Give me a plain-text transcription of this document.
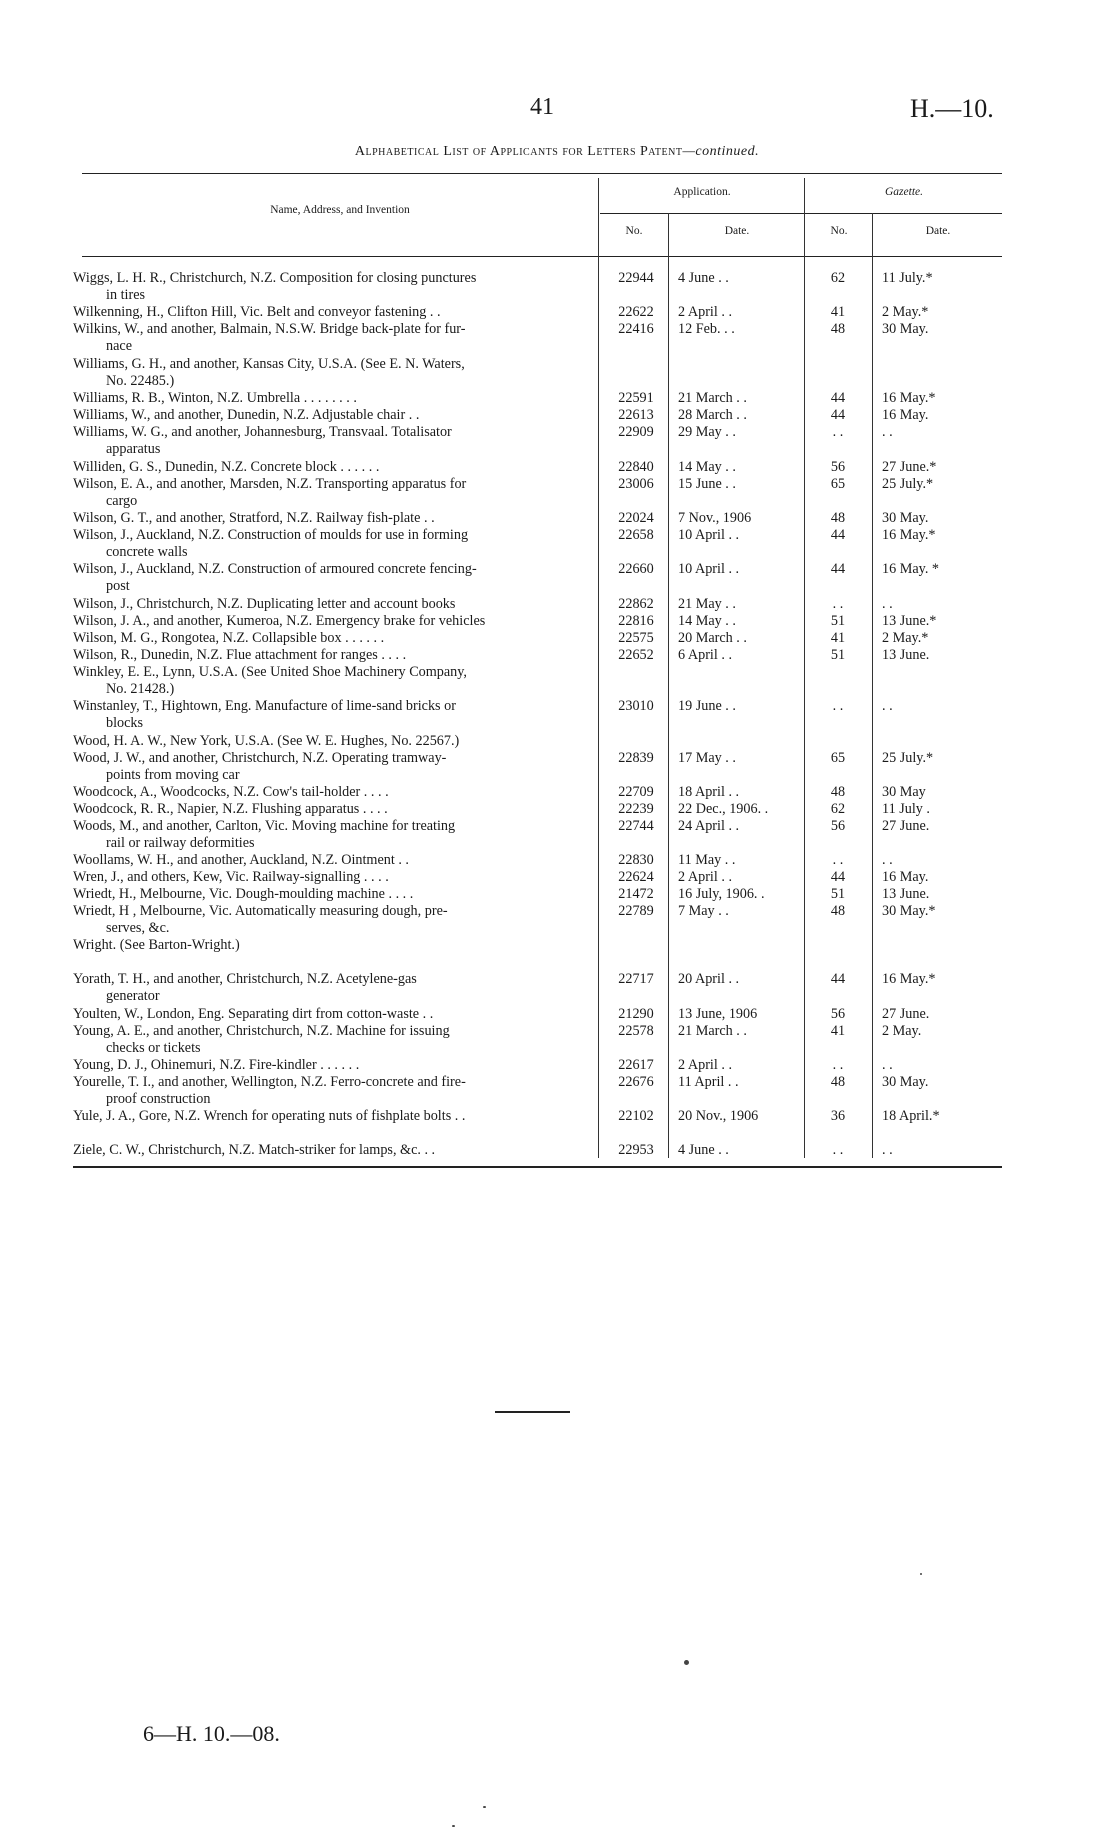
41	H.—10.
Alphabetical List of Applicants for Letters Patent—continued.
Name, Address, and Invention
Application.
No.	Date.
Gazette.
No.	Date.
Wiggs, L. H. R., Christchurch, N.Z. Composition for closing punctures
in tires
22944	4 June . .	62	11 July.*
Wilkenning, H., Clifton Hill, Vic. Belt and conveyor fastening . .	22622	2 April . .	41	2 May.*
Wilkins, W., and another, Balmain, N.S.W. Bridge back-plate for fur-
nace
22416	12 Feb. . .	48	30 May.
Williams, G. H., and another, Kansas City, U.S.A. (See E. N. Waters,
No. 22485.)
Williams, R. B., Winton, N.Z. Umbrella . . . . . . . .	22591	21 March . .	44	16 May.*
Williams, W., and another, Dunedin, N.Z. Adjustable chair . .	22613	28 March . .	44	16 May.
Williams, W. G., and another, Johannesburg, Transvaal. Totalisator
apparatus
22909	29 May . .	. .	. .
Williden, G. S., Dunedin, N.Z. Concrete block . . . . . .	22840	14 May . .	56	27 June.*
Wilson, E. A., and another, Marsden, N.Z. Transporting apparatus for
cargo
23006	15 June . .	65	25 July.*
Wilson, G. T., and another, Stratford, N.Z. Railway fish-plate . .	22024	7 Nov., 1906	48	30 May.
Wilson, J., Auckland, N.Z. Construction of moulds for use in forming
concrete walls
22658	10 April . .	44	16 May.*
Wilson, J., Auckland, N.Z. Construction of armoured concrete fencing-
post
22660	10 April . .	44	16 May. *
Wilson, J., Christchurch, N.Z. Duplicating letter and account books	22862	21 May . .	. .	. .
Wilson, J. A., and another, Kumeroa, N.Z. Emergency brake for vehicles	22816	14 May . .	51	13 June.*
Wilson, M. G., Rongotea, N.Z. Collapsible box . . . . . .	22575	20 March . .	41	2 May.*
Wilson, R., Dunedin, N.Z. Flue attachment for ranges . . . .	22652	6 April . .	51	13 June.
Winkley, E. E., Lynn, U.S.A. (See United Shoe Machinery Company,
No. 21428.)
Winstanley, T., Hightown, Eng. Manufacture of lime-sand bricks or
blocks
23010	19 June . .	. .	. .
Wood, H. A. W., New York, U.S.A. (See W. E. Hughes, No. 22567.)
Wood, J. W., and another, Christchurch, N.Z. Operating tramway-
points from moving car
22839	17 May . .	65	25 July.*
Woodcock, A., Woodcocks, N.Z. Cow's tail-holder . . . .	22709	18 April . .	48	30 May
Woodcock, R. R., Napier, N.Z. Flushing apparatus . . . .	22239	22 Dec., 1906. .	62	11 July .
Woods, M., and another, Carlton, Vic. Moving machine for treating
rail or railway deformities
22744	24 April . .	56	27 June.
Woollams, W. H., and another, Auckland, N.Z. Ointment . .	22830	11 May . .	. .	. .
Wren, J., and others, Kew, Vic. Railway-signalling . . . .	22624	2 April . .	44	16 May.
Wriedt, H., Melbourne, Vic. Dough-moulding machine . . . .	21472	16 July, 1906. .	51	13 June.
Wriedt, H , Melbourne, Vic. Automatically measuring dough, pre-
serves, &c.
22789	7 May . .	48	30 May.*
Wright. (See Barton-Wright.)
Yorath, T. H., and another, Christchurch, N.Z. Acetylene-gas
generator
22717	20 April . .	44	16 May.*
Youlten, W., London, Eng. Separating dirt from cotton-waste . .	21290	13 June, 1906	56	27 June.
Young, A. E., and another, Christchurch, N.Z. Machine for issuing
checks or tickets
22578	21 March . .	41	2 May.
Young, D. J., Ohinemuri, N.Z. Fire-kindler . . . . . .	22617	2 April . .	. .	. .
Yourelle, T. I., and another, Wellington, N.Z. Ferro-concrete and fire-
proof construction
22676	11 April . .	48	30 May.
Yule, J. A., Gore, N.Z. Wrench for operating nuts of fishplate bolts . .	22102	20 Nov., 1906	36	18 April.*
Ziele, C. W., Christchurch, N.Z. Match-striker for lamps, &c. . .	22953	4 June . .	. .	. .
6—H. 10.—08.
